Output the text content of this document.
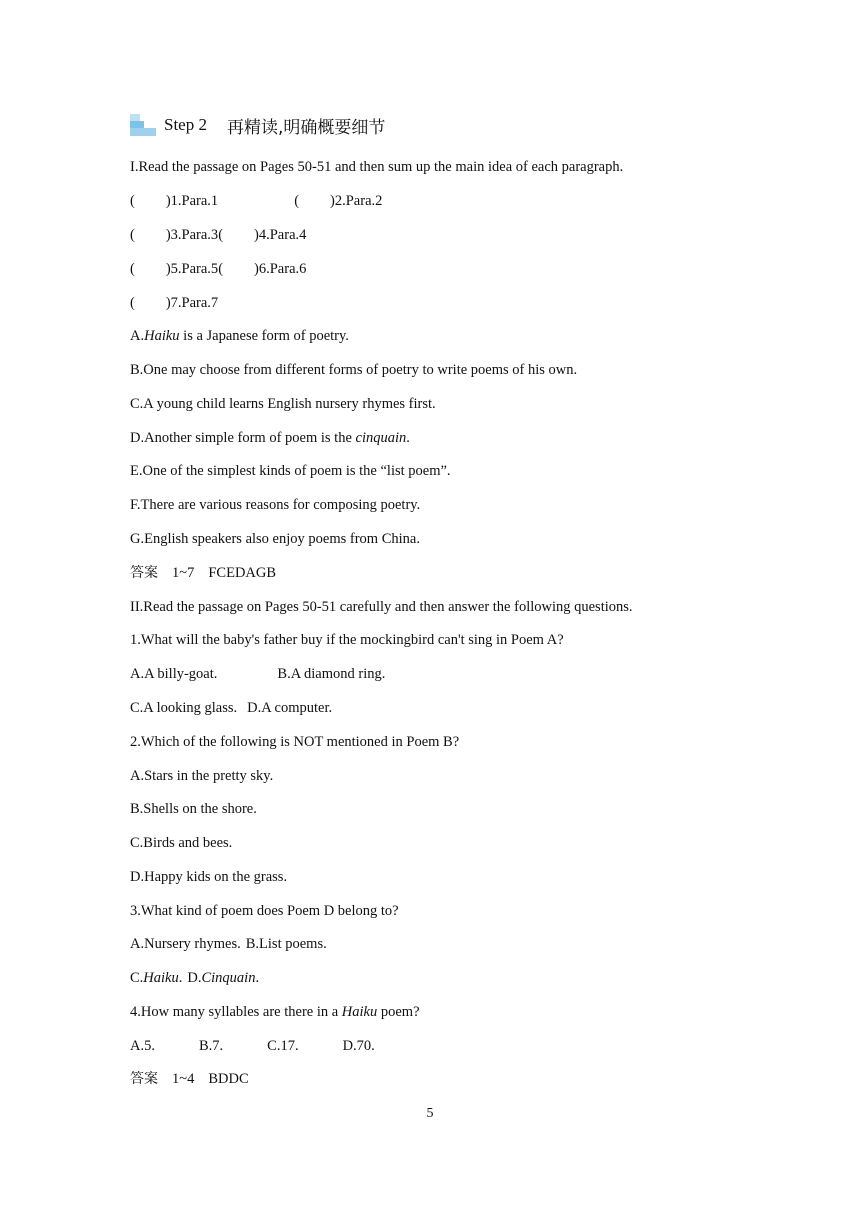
Step 2 再精读,明确概要细节
I.Read the passage on Pages 50-51 and then sum up the main idea of each paragraph.
( )1.Para.1	( )2.Para.2
( )3.Para.3( )4.Para.4
( )5.Para.5( )6.Para.6
( )7.Para.7
A.Haiku is a Japanese form of poetry.
B.One may choose from different forms of poetry to write poems of his own.
C.A young child learns English nursery rhymes first.
D.Another simple form of poem is the cinquain.
E.One of the simplest kinds of poem is the “list poem”.
F.There are various reasons for composing poetry.
G.English speakers also enjoy poems from China.
答案 1~7 FCEDAGB
II.Read the passage on Pages 50-51 carefully and then answer the following questions.
1.What will the baby's father buy if the mockingbird can't sing in Poem A?
A.A billy-goat.	B.A diamond ring.
C.A looking glass. D.A computer.
2.Which of the following is NOT mentioned in Poem B?
A.Stars in the pretty sky.
B.Shells on the shore.
C.Birds and bees.
D.Happy kids on the grass.
3.What kind of poem does Poem D belong to?
A.Nursery rhymes. B.List poems.
C.Haiku. D.Cinquain.
4.How many syllables are there in a Haiku poem?
A.5.	B.7.	C.17.	D.70.
答案 1~4 BDDC
5
